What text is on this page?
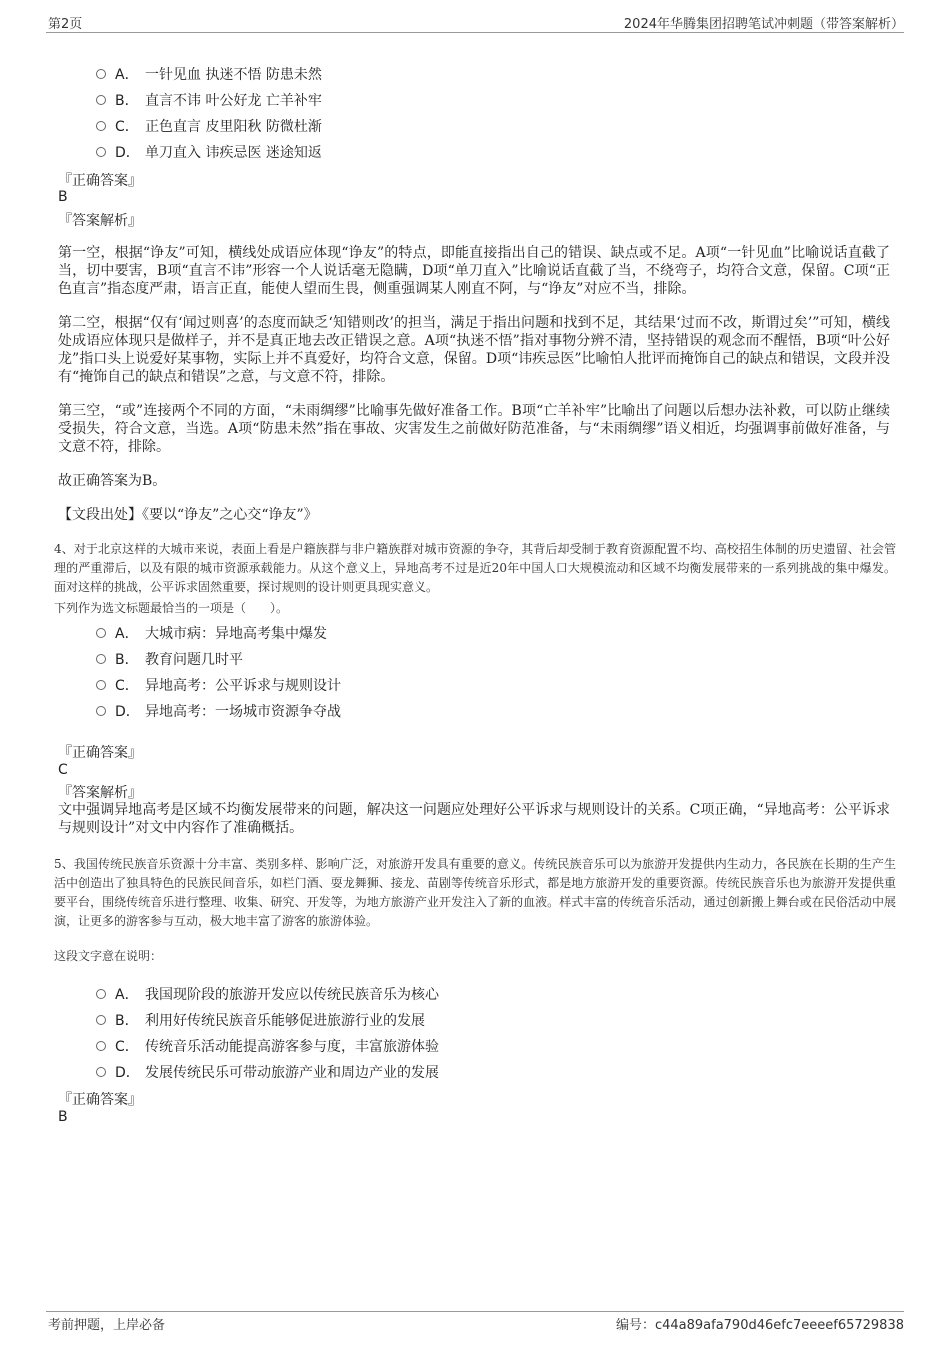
第2页	2024年华腾集团招聘笔试冲刺题（带答案解析）
A． 一针见血 执迷不悟 防患未然
B． 直言不讳 叶公好龙 亡羊补牢
C． 正色直言 皮里阳秋 防微杜渐
D． 单刀直入 讳疾忌医 迷途知返
『正确答案』
B
『答案解析』
第一空，根据“诤友”可知，横线处成语应体现“诤友”的特点，即能直接指出自己的错误、缺点或不足。A项“一针见血”比喻说话直截了当，切中要害，B项“直言不讳”形容一个人说话毫无隐瞒，D项“单刀直入”比喻说话直截了当，不绕弯子，均符合文意，保留。C项“正色直言”指态度严肃，语言正直，能使人望而生畏，侧重强调某人刚直不阿，与“诤友”对应不当，排除。
第二空，根据“仅有‘闻过则喜’的态度而缺乏‘知错则改’的担当，满足于指出问题和找到不足，其结果‘过而不改，斯谓过矣’”可知，横线处成语应体现只是做样子，并不是真正地去改正错误之意。A项“执迷不悟”指对事物分辨不清，坚持错误的观念而不醒悟，B项“叶公好龙”指口头上说爱好某事物，实际上并不真爱好，均符合文意，保留。D项“讳疾忌医”比喻怕人批评而掩饰自己的缺点和错误，文段并没有“掩饰自己的缺点和错误”之意，与文意不符，排除。
第三空，“或”连接两个不同的方面，“未雨绸缪”比喻事先做好准备工作。B项“亡羊补牢”比喻出了问题以后想办法补救，可以防止继续受损失，符合文意，当选。A项“防患未然”指在事故、灾害发生之前做好防范准备，与“未雨绸缪”语义相近，均强调事前做好准备，与文意不符，排除。
故正确答案为B。
【文段出处】《要以“诤友”之心交“诤友”》
4、对于北京这样的大城市来说，表面上看是户籍族群与非户籍族群对城市资源的争夺，其背后却受制于教育资源配置不均、高校招生体制的历史遗留、社会管理的严重滞后，以及有限的城市资源承载能力。从这个意义上，异地高考不过是近20年中国人口大规模流动和区域不均衡发展带来的一系列挑战的集中爆发。面对这样的挑战，公平诉求固然重要，探讨规则的设计则更具现实意义。
下列作为选文标题最恰当的一项是（　　）。
A． 大城市病：异地高考集中爆发
B． 教育问题几时平
C． 异地高考：公平诉求与规则设计
D． 异地高考：一场城市资源争夺战
『正确答案』
C
『答案解析』
文中强调异地高考是区域不均衡发展带来的问题，解决这一问题应处理好公平诉求与规则设计的关系。C项正确，“异地高考：公平诉求与规则设计”对文中内容作了准确概括。
5、我国传统民族音乐资源十分丰富、类别多样、影响广泛，对旅游开发具有重要的意义。传统民族音乐可以为旅游开发提供内生动力，各民族在长期的生产生活中创造出了独具特色的民族民间音乐，如栏门酒、耍龙舞狮、接龙、苗剧等传统音乐形式，都是地方旅游开发的重要资源。传统民族音乐也为旅游开发提供重要平台，围绕传统音乐进行整理、收集、研究、开发等，为地方旅游产业开发注入了新的血液。样式丰富的传统音乐活动，通过创新搬上舞台或在民俗活动中展演，让更多的游客参与互动，极大地丰富了游客的旅游体验。
这段文字意在说明：
A． 我国现阶段的旅游开发应以传统民族音乐为核心
B． 利用好传统民族音乐能够促进旅游行业的发展
C． 传统音乐活动能提高游客参与度，丰富旅游体验
D． 发展传统民乐可带动旅游产业和周边产业的发展
『正确答案』
B
考前押题，上岸必备	编号：c44a89afa790d46efc7eeeef65729838
